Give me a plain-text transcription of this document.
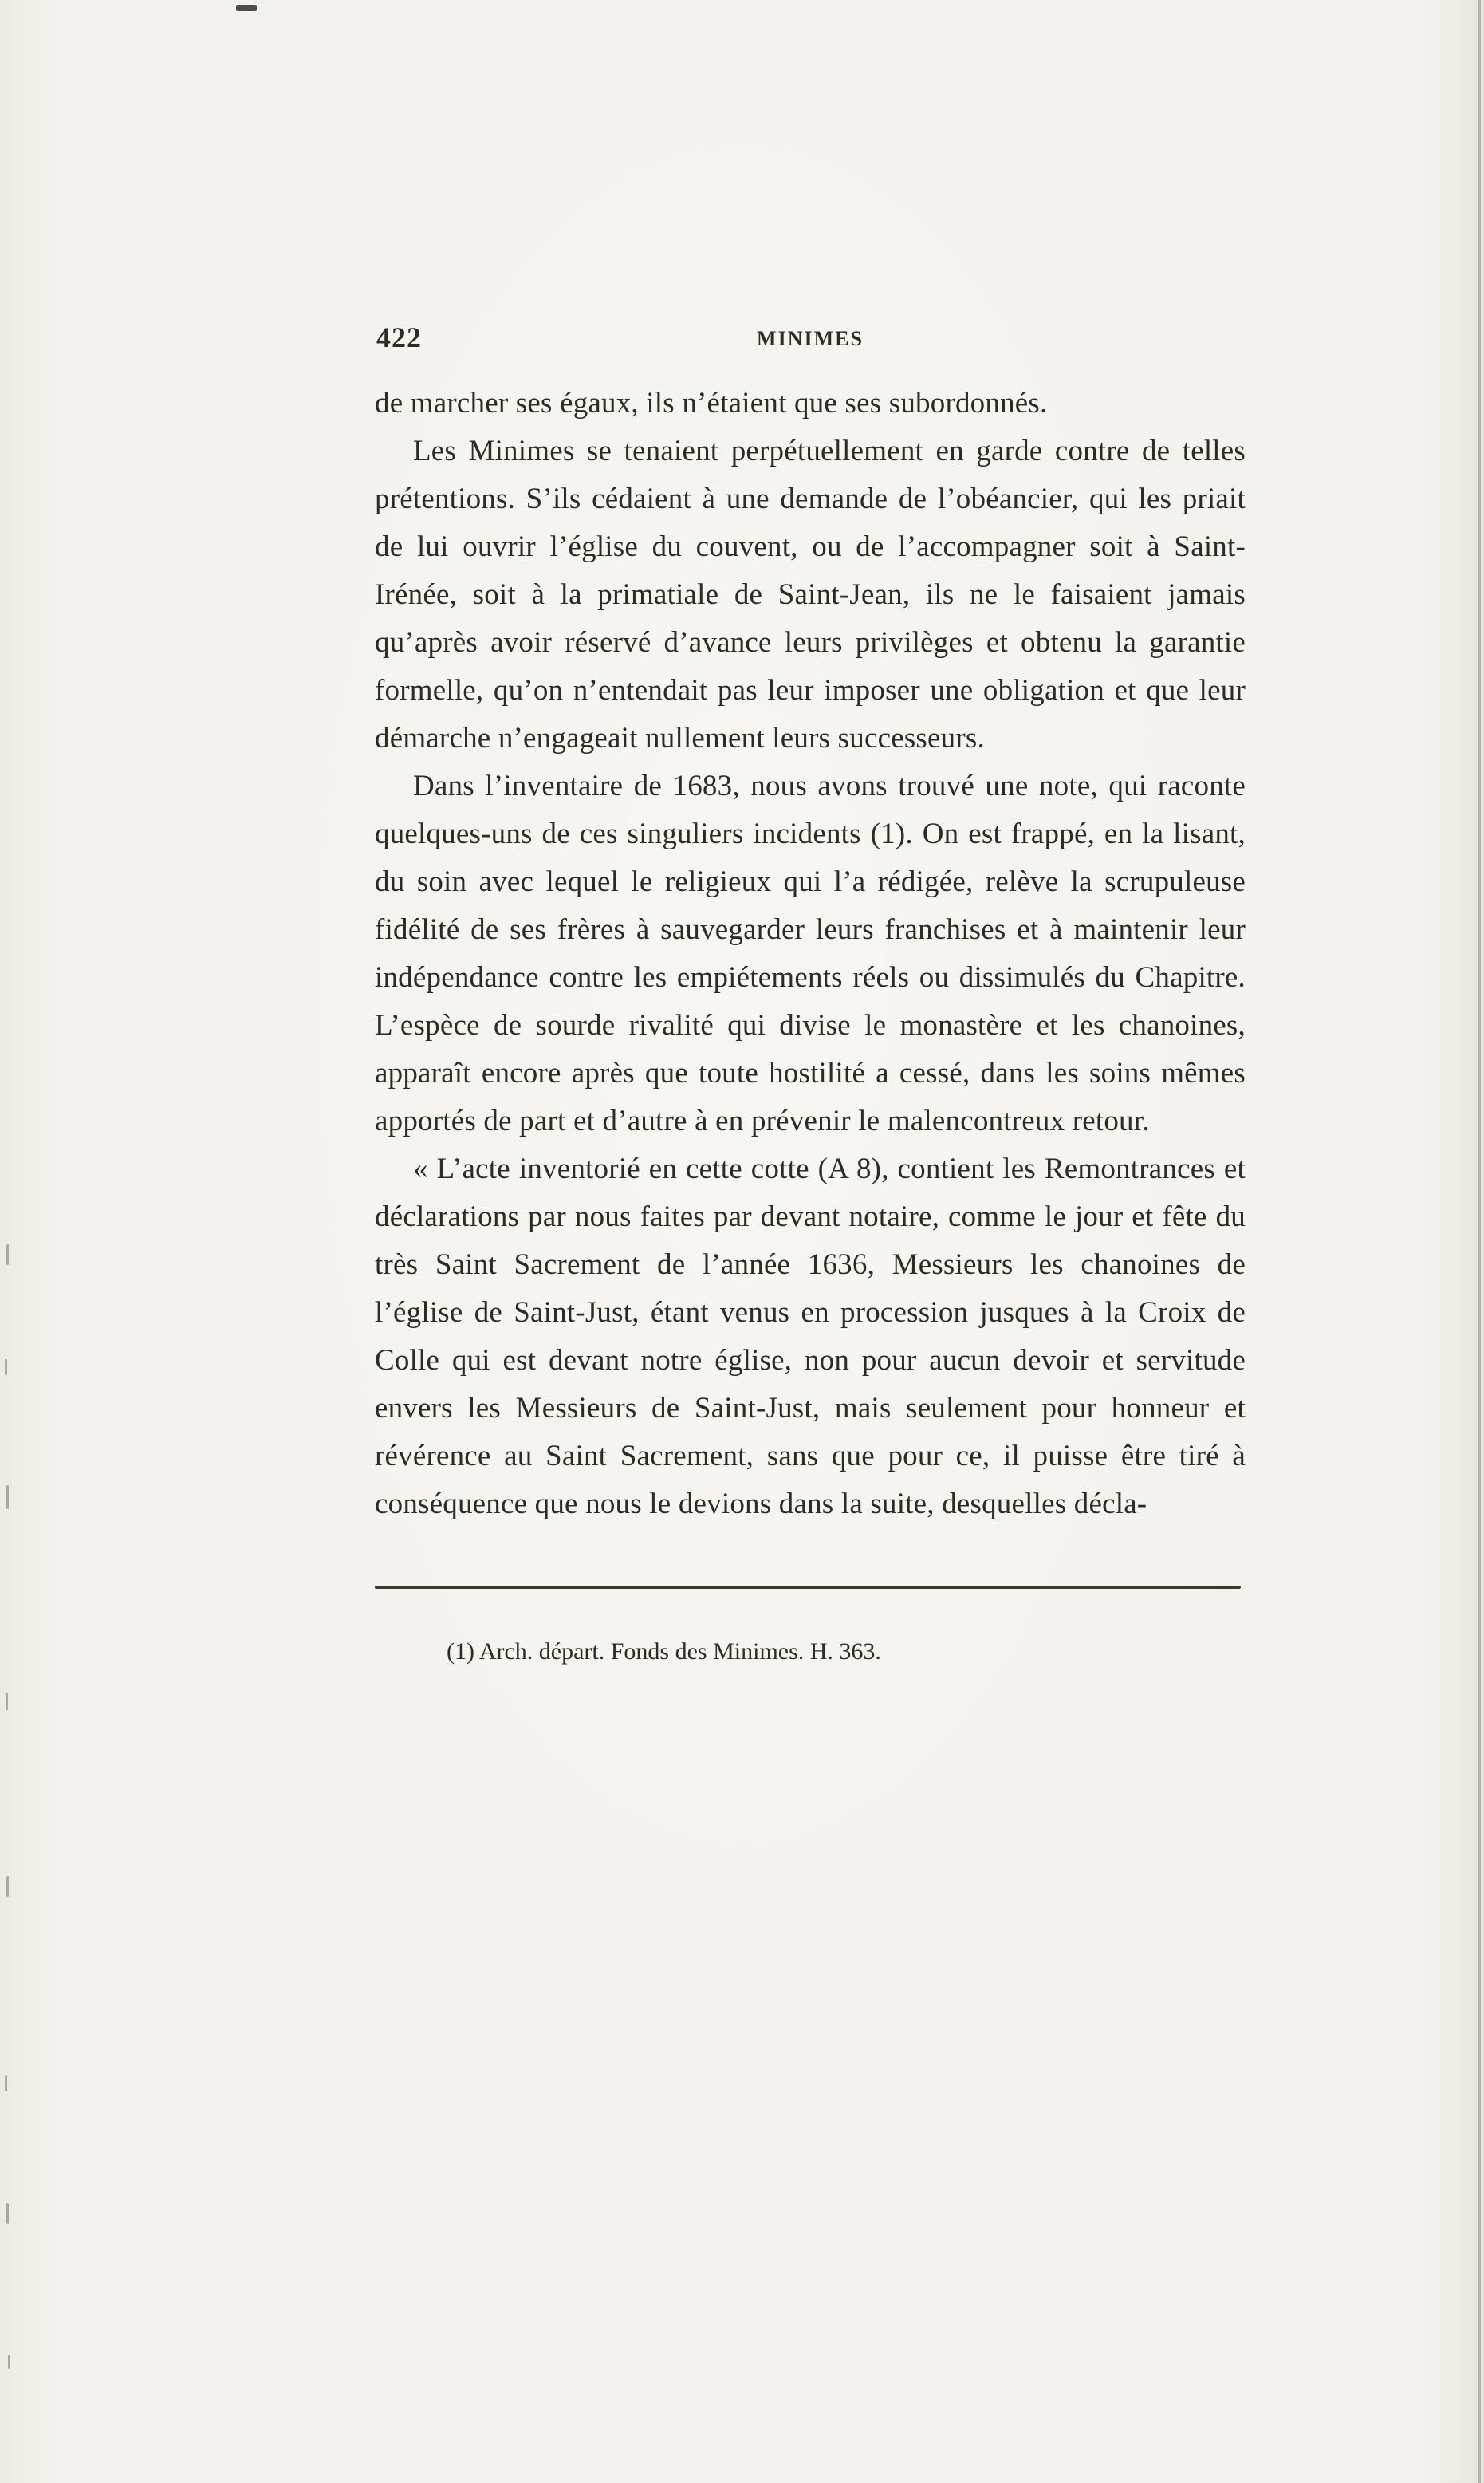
422	MINIMES

de marcher ses égaux, ils n’étaient que ses subordonnés.

Les Minimes se tenaient perpétuellement en garde contre de telles prétentions. S’ils cédaient à une demande de l’obéancier, qui les priait de lui ouvrir l’église du couvent, ou de l’accompagner soit à Saint-Irénée, soit à la primatiale de Saint-Jean, ils ne le faisaient jamais qu’après avoir réservé d’avance leurs privilèges et obtenu la garantie formelle, qu’on n’entendait pas leur imposer une obligation et que leur démarche n’engageait nullement leurs successeurs.

Dans l’inventaire de 1683, nous avons trouvé une note, qui raconte quelques-uns de ces singuliers incidents (1). On est frappé, en la lisant, du soin avec lequel le religieux qui l’a rédigée, relève la scrupuleuse fidélité de ses frères à sauvegarder leurs franchises et à maintenir leur indépendance contre les empiétements réels ou dissimulés du Chapitre. L’espèce de sourde rivalité qui divise le monastère et les chanoines, apparaît encore après que toute hostilité a cessé, dans les soins mêmes apportés de part et d’autre à en prévenir le malencontreux retour.

« L’acte inventorié en cette cotte (A 8), contient les Remontrances et déclarations par nous faites par devant notaire, comme le jour et fête du très Saint Sacrement de l’année 1636, Messieurs les chanoines de l’église de Saint-Just, étant venus en procession jusques à la Croix de Colle qui est devant notre église, non pour aucun devoir et servitude envers les Messieurs de Saint-Just, mais seulement pour honneur et révérence au Saint Sacrement, sans que pour ce, il puisse être tiré à conséquence que nous le devions dans la suite, desquelles décla-

(1) Arch. départ. Fonds des Minimes. H. 363.
